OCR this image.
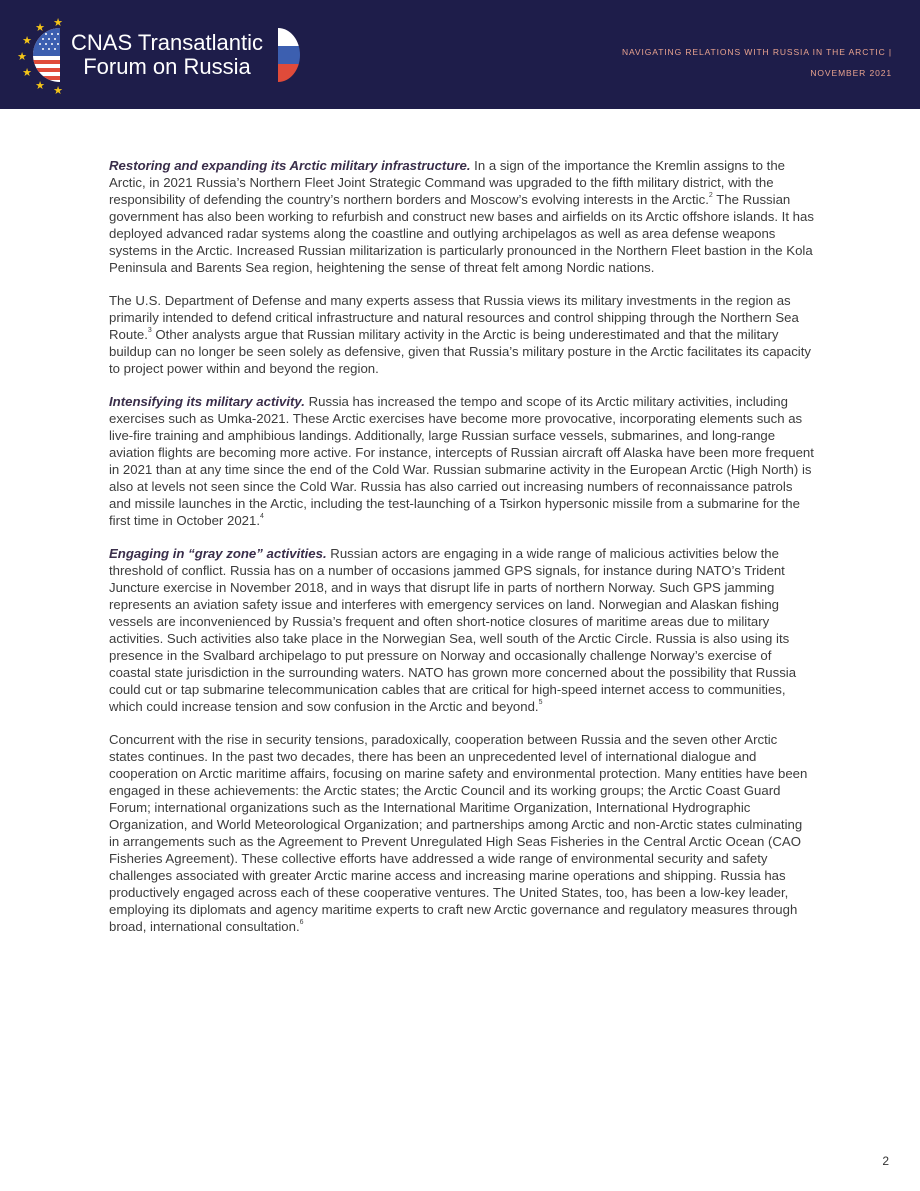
★
★
★
★
★
★ ★
CNAS Transatlantic
Forum on Russia
NAVIGATING RELATIONS WITH RUSSIA IN THE ARCTIC |
NOVEMBER 2021

Restoring and expanding its Arctic military infrastructure. In a sign of the importance the Kremlin assigns to the Arctic, in 2021 Russia’s Northern Fleet Joint Strategic Command was upgraded to the fifth military district, with the responsibility of defending the country’s northern borders and Moscow’s evolving interests in the Arctic.$^2$ The Russian government has also been working to refurbish and construct new bases and airfields on its Arctic offshore islands. It has deployed advanced radar systems along the coastline and outlying archipelagos as well as area defense weapons systems in the Arctic. Increased Russian militarization is particularly pronounced in the Northern Fleet bastion in the Kola Peninsula and Barents Sea region, heightening the sense of threat felt among Nordic nations.

The U.S. Department of Defense and many experts assess that Russia views its military investments in the region as primarily intended to defend critical infrastructure and natural resources and control shipping through the Northern Sea Route.$^3$ Other analysts argue that Russian military activity in the Arctic is being underestimated and that the military buildup can no longer be seen solely as defensive, given that Russia’s military posture in the Arctic facilitates its capacity to project power within and beyond the region.

Intensifying its military activity. Russia has increased the tempo and scope of its Arctic military activities, including exercises such as Umka-2021. These Arctic exercises have become more provocative, incorporating elements such as live-fire training and amphibious landings. Additionally, large Russian surface vessels, submarines, and long-range aviation flights are becoming more active. For instance, intercepts of Russian aircraft off Alaska have been more frequent in 2021 than at any time since the end of the Cold War. Russian submarine activity in the European Arctic (High North) is also at levels not seen since the Cold War. Russia has also carried out increasing numbers of reconnaissance patrols and missile launches in the Arctic, including the test-launching of a Tsirkon hypersonic missile from a submarine for the first time in October 2021.$^4$

Engaging in “gray zone” activities. Russian actors are engaging in a wide range of malicious activities below the threshold of conflict. Russia has on a number of occasions jammed GPS signals, for instance during NATO’s Trident Juncture exercise in November 2018, and in ways that disrupt life in parts of northern Norway. Such GPS jamming represents an aviation safety issue and interferes with emergency services on land. Norwegian and Alaskan fishing vessels are inconvenienced by Russia’s frequent and often short-notice closures of maritime areas due to military activities. Such activities also take place in the Norwegian Sea, well south of the Arctic Circle. Russia is also using its presence in the Svalbard archipelago to put pressure on Norway and occasionally challenge Norway’s exercise of coastal state jurisdiction in the surrounding waters. NATO has grown more concerned about the possibility that Russia could cut or tap submarine telecommunication cables that are critical for high-speed internet access to communities, which could increase tension and sow confusion in the Arctic and beyond.$^5$

Concurrent with the rise in security tensions, paradoxically, cooperation between Russia and the seven other Arctic states continues. In the past two decades, there has been an unprecedented level of international dialogue and cooperation on Arctic maritime affairs, focusing on marine safety and environmental protection. Many entities have been engaged in these achievements: the Arctic states; the Arctic Council and its working groups; the Arctic Coast Guard Forum; international organizations such as the International Maritime Organization, International Hydrographic Organization, and World Meteorological Organization; and partnerships among Arctic and non-Arctic states culminating in arrangements such as the Agreement to Prevent Unregulated High Seas Fisheries in the Central Arctic Ocean (CAO Fisheries Agreement). These collective efforts have addressed a wide range of environmental security and safety challenges associated with greater Arctic marine access and increasing marine operations and shipping. Russia has productively engaged across each of these cooperative ventures. The United States, too, has been a low-key leader, employing its diplomats and agency maritime experts to craft new Arctic governance and regulatory measures through broad, international consultation.$^6$

2
